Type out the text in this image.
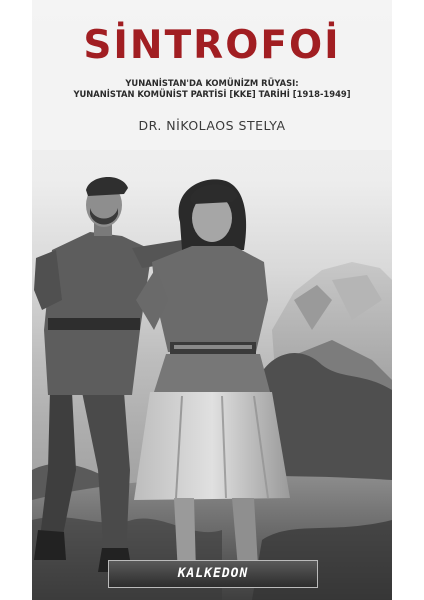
SİNTROFOİ
YUNANİSTAN'DA KOMÜNİZM RÜYASI:
YUNANİSTAN KOMÜNİST PARTİSİ [KKE] TARİHİ [1918-1949]
DR. NİKOLAOS STELYA
KALKEDON
